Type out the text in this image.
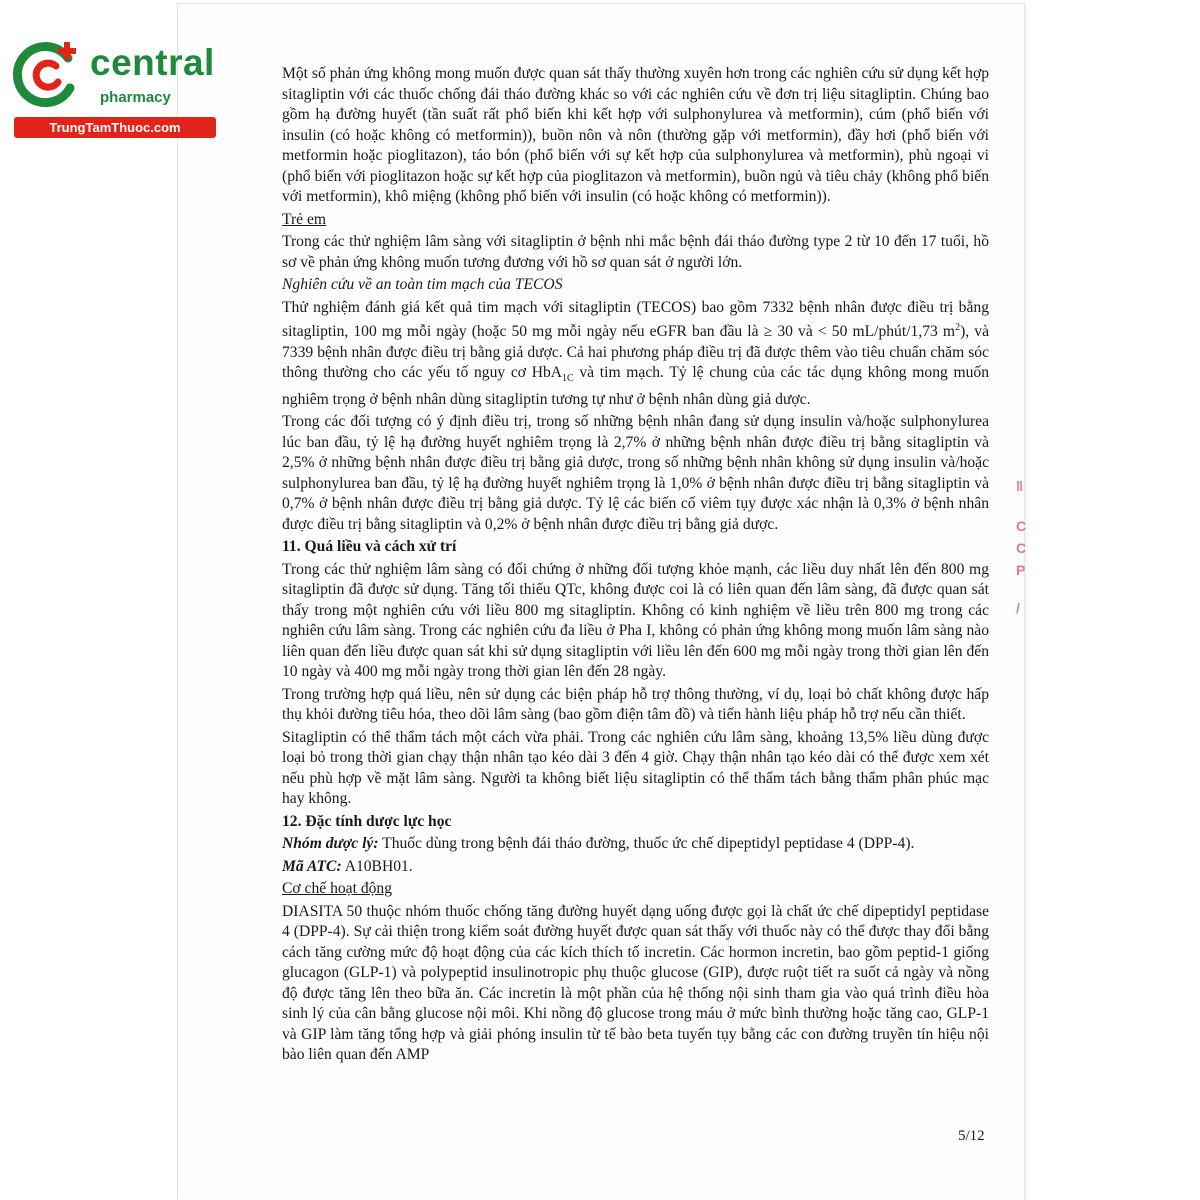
central
pharmacy
TrungTamThuoc.com
ǁ
C
C
P
/

Một số phản ứng không mong muốn được quan sát thấy thường xuyên hơn trong các nghiên cứu sử dụng kết hợp sitagliptin với các thuốc chống đái tháo đường khác so với các nghiên cứu về đơn trị liệu sitagliptin. Chúng bao gồm hạ đường huyết (tần suất rất phổ biến khi kết hợp với sulphonylurea và metformin), cúm (phổ biến với insulin (có hoặc không có metformin)), buồn nôn và nôn (thường gặp với metformin), đầy hơi (phổ biến với metformin hoặc pioglitazon), táo bón (phổ biến với sự kết hợp của sulphonylurea và metformin), phù ngoại vi (phổ biến với pioglitazon hoặc sự kết hợp của pioglitazon và metformin), buồn ngủ và tiêu chảy (không phổ biến với metformin), khô miệng (không phổ biến với insulin (có hoặc không có metformin)).

Trẻ em

Trong các thử nghiệm lâm sàng với sitagliptin ở bệnh nhi mắc bệnh đái tháo đường type 2 từ 10 đến 17 tuổi, hồ sơ về phản ứng không muốn tương đương với hồ sơ quan sát ở người lớn.

Nghiên cứu về an toàn tim mạch của TECOS

Thử nghiệm đánh giá kết quả tim mạch với sitagliptin (TECOS) bao gồm 7332 bệnh nhân được điều trị bằng sitagliptin, 100 mg mỗi ngày (hoặc 50 mg mỗi ngày nếu eGFR ban đầu là ≥ 30 và < 50 mL/phút/1,73 $m^2$), và 7339 bệnh nhân được điều trị bằng giả dược. Cả hai phương pháp điều trị đã được thêm vào tiêu chuẩn chăm sóc thông thường cho các yếu tố nguy cơ HbA$_{1C}$ và tim mạch. Tỷ lệ chung của các tác dụng không mong muốn nghiêm trọng ở bệnh nhân dùng sitagliptin tương tự như ở bệnh nhân dùng giả dược.

Trong các đối tượng có ý định điều trị, trong số những bệnh nhân đang sử dụng insulin và/hoặc sulphonylurea lúc ban đầu, tỷ lệ hạ đường huyết nghiêm trọng là 2,7% ở những bệnh nhân được điều trị bằng sitagliptin và 2,5% ở những bệnh nhân được điều trị bằng giả dược, trong số những bệnh nhân không sử dụng insulin và/hoặc sulphonylurea ban đầu, tỷ lệ hạ đường huyết nghiêm trọng là 1,0% ở bệnh nhân được điều trị bằng sitagliptin và 0,7% ở bệnh nhân được điều trị bằng giả dược. Tỷ lệ các biến cố viêm tụy được xác nhận là 0,3% ở bệnh nhân được điều trị bằng sitagliptin và 0,2% ở bệnh nhân được điều trị bằng giả dược.

11. Quá liều và cách xử trí

Trong các thử nghiệm lâm sàng có đối chứng ở những đối tượng khỏe mạnh, các liều duy nhất lên đến 800 mg sitagliptin đã được sử dụng. Tăng tối thiểu QTc, không được coi là có liên quan đến lâm sàng, đã được quan sát thấy trong một nghiên cứu với liều 800 mg sitagliptin. Không có kinh nghiệm về liều trên 800 mg trong các nghiên cứu lâm sàng. Trong các nghiên cứu đa liều ở Pha I, không có phản ứng không mong muốn lâm sàng nào liên quan đến liều được quan sát khi sử dụng sitagliptin với liều lên đến 600 mg mỗi ngày trong thời gian lên đến 10 ngày và 400 mg mỗi ngày trong thời gian lên đến 28 ngày.

Trong trường hợp quá liều, nên sử dụng các biện pháp hỗ trợ thông thường, ví dụ, loại bỏ chất không được hấp thụ khỏi đường tiêu hóa, theo dõi lâm sàng (bao gồm điện tâm đồ) và tiến hành liệu pháp hỗ trợ nếu cần thiết.

Sitagliptin có thể thẩm tách một cách vừa phải. Trong các nghiên cứu lâm sàng, khoảng 13,5% liều dùng được loại bỏ trong thời gian chạy thận nhân tạo kéo dài 3 đến 4 giờ. Chạy thận nhân tạo kéo dài có thể được xem xét nếu phù hợp về mặt lâm sàng. Người ta không biết liệu sitagliptin có thể thẩm tách bằng thẩm phân phúc mạc hay không.

12. Đặc tính dược lực học

Nhóm dược lý: Thuốc dùng trong bệnh đái tháo đường, thuốc ức chế dipeptidyl peptidase 4 (DPP-4).

Mã ATC: A10BH01.

Cơ chế hoạt động

DIASITA 50 thuộc nhóm thuốc chống tăng đường huyết dạng uống được gọi là chất ức chế dipeptidyl peptidase 4 (DPP-4). Sự cải thiện trong kiểm soát đường huyết được quan sát thấy với thuốc này có thể được thay đổi bằng cách tăng cường mức độ hoạt động của các kích thích tố incretin. Các hormon incretin, bao gồm peptid-1 giống glucagon (GLP-1) và polypeptid insulinotropic phụ thuộc glucose (GIP), được ruột tiết ra suốt cả ngày và nồng độ được tăng lên theo bữa ăn. Các incretin là một phần của hệ thống nội sinh tham gia vào quá trình điều hòa sinh lý của cân bằng glucose nội môi. Khi nồng độ glucose trong máu ở mức bình thường hoặc tăng cao, GLP-1 và GIP làm tăng tổng hợp và giải phóng insulin từ tế bào beta tuyến tụy bằng các con đường truyền tín hiệu nội bào liên quan đến AMP

5/12
